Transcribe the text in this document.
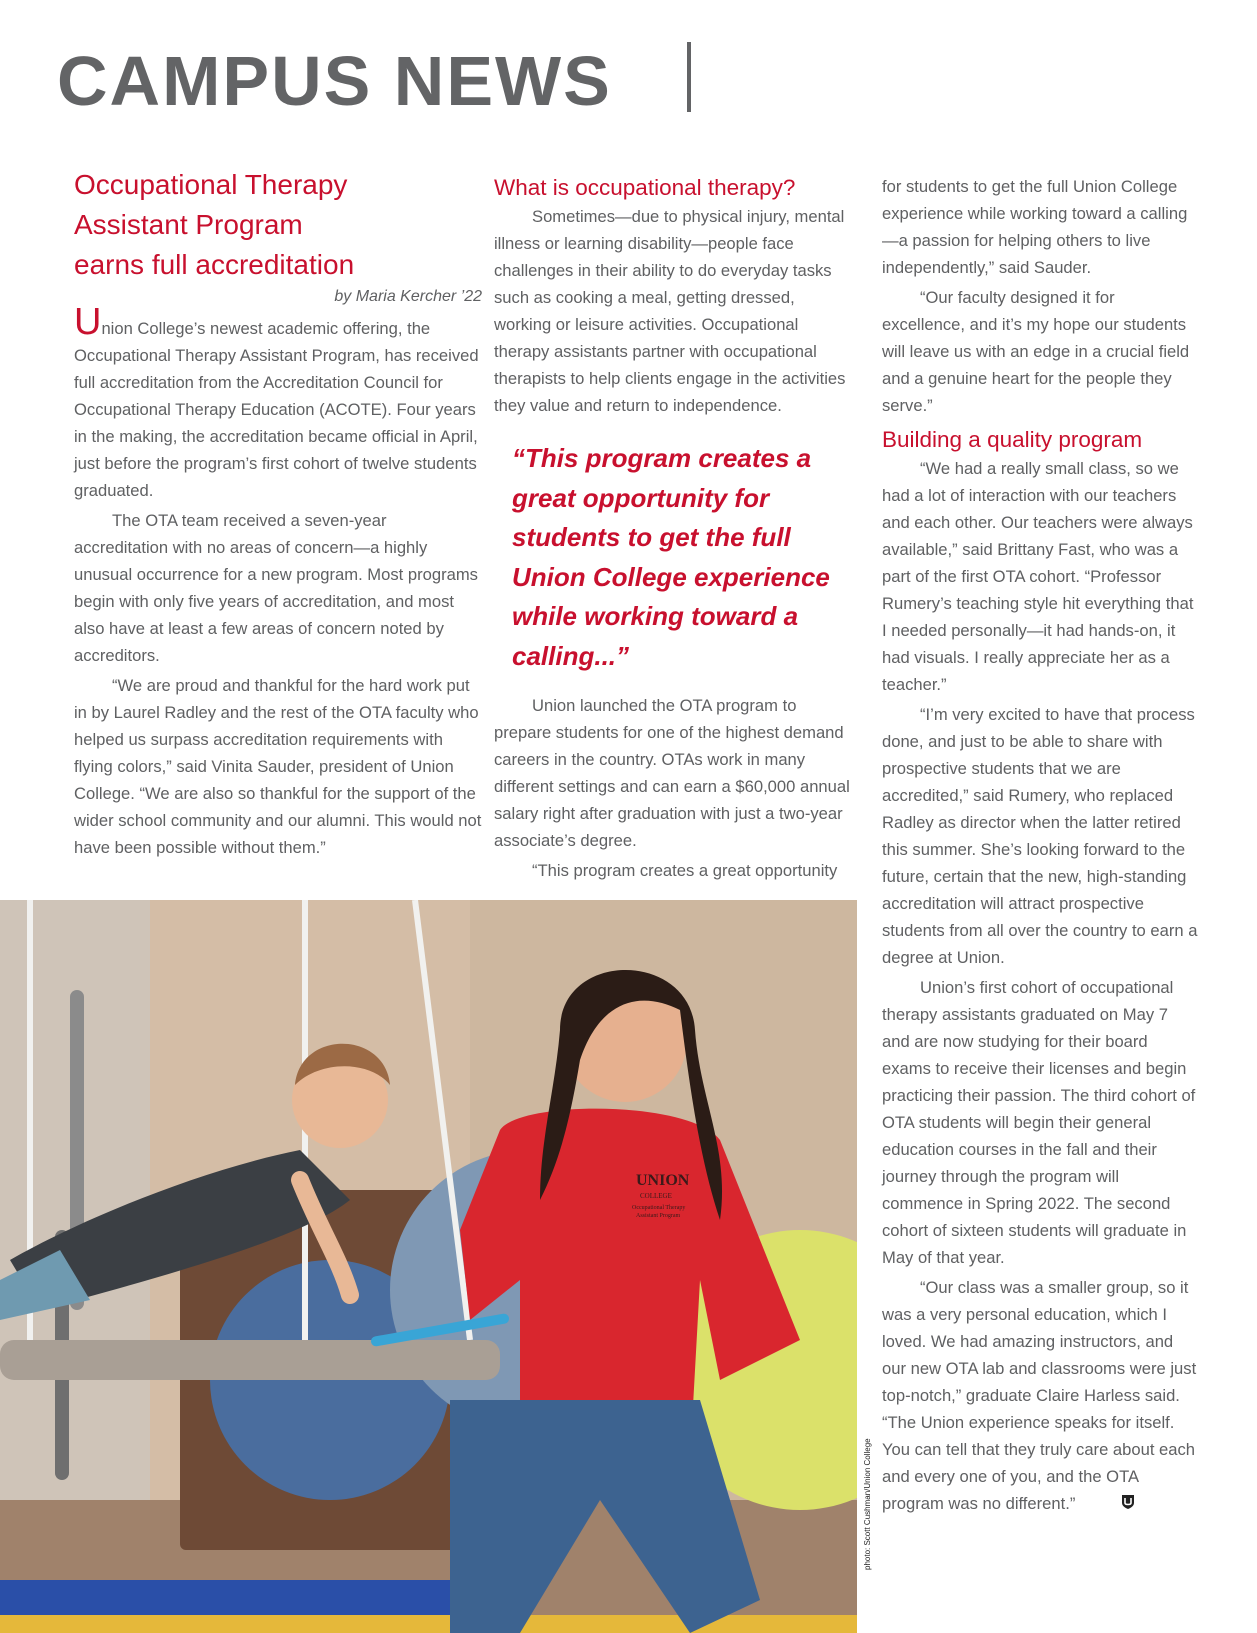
CAMPUS NEWS
Occupational Therapy
Assistant Program
earns full accreditation

by Maria Kercher ’22

Union College’s newest academic offering, the Occupational Therapy Assistant Program, has received full accreditation from the Accreditation Council for Occupational Therapy Education (ACOTE). Four years in the making, the accreditation became official in April, just before the program’s first cohort of twelve students graduated.

The OTA team received a seven-year accreditation with no areas of concern—a highly unusual occurrence for a new program. Most programs begin with only five years of accreditation, and most also have at least a few areas of concern noted by accreditors.

“We are proud and thankful for the hard work put in by Laurel Radley and the rest of the OTA faculty who helped us surpass accreditation requirements with flying colors,” said Vinita Sauder, president of Union College. “We are also so thankful for the support of the wider school community and our alumni. This would not have been possible without them.”

What is occupational therapy?

Sometimes—due to physical injury, mental illness or learning disability—people face challenges in their ability to do everyday tasks such as cooking a meal, getting dressed, working or leisure activities. Occupational therapy assistants partner with occupational therapists to help clients engage in the activities they value and return to independence.

“This program creates a great opportunity for students to get the full Union College experience while working toward a calling...”

Union launched the OTA program to prepare students for one of the highest demand careers in the country. OTAs work in many different settings and can earn a $60,000 annual salary right after graduation with just a two-year associate’s degree.

“This program creates a great opportunity

for students to get the full Union College experience while working toward a calling—a passion for helping others to live independently,” said Sauder.

“Our faculty designed it for excellence, and it’s my hope our students will leave us with an edge in a crucial field and a genuine heart for the people they serve.”

Building a quality program

“We had a really small class, so we had a lot of interaction with our teachers and each other. Our teachers were always available,” said Brittany Fast, who was a part of the first OTA cohort. “Professor Rumery’s teaching style hit everything that I needed personally—it had hands-on, it had visuals. I really appreciate her as a teacher.”

“I’m very excited to have that process done, and just to be able to share with prospective students that we are accredited,” said Rumery, who replaced Radley as director when the latter retired this summer. She’s looking forward to the future, certain that the new, high-standing accreditation will attract prospective students from all over the country to earn a degree at Union.

Union’s first cohort of occupational therapy assistants graduated on May 7 and are now studying for their board exams to receive their licenses and begin practicing their passion. The third cohort of OTA students will begin their general education courses in the fall and their journey through the program will commence in Spring 2022. The second cohort of sixteen students will graduate in May of that year.

“Our class was a smaller group, so it was a very personal education, which I loved. We had amazing instructors, and our new OTA lab and classrooms were just top-notch,” graduate Claire Harless said. “The Union experience speaks for itself. You can tell that they truly care about each and every one of you, and the OTA program was no different.”

UNION
COLLEGE
Occupational Therapy
Assistant Program
photo: Scott Cushman/Union College
